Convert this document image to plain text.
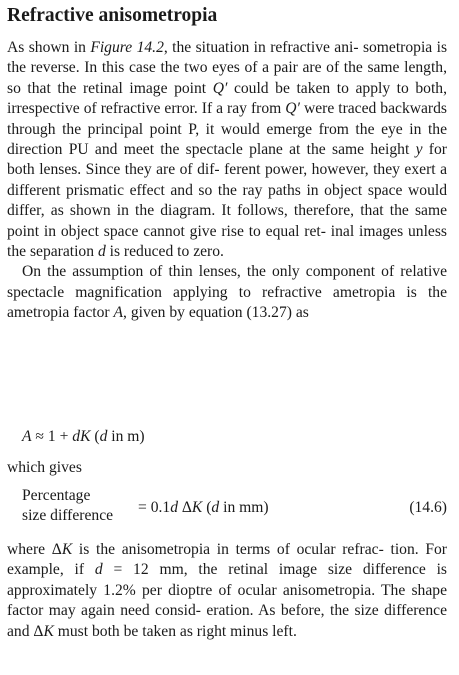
Refractive anisometropia

As shown in Figure 14.2, the situation in refractive ani- sometropia is the reverse. In this case the two eyes of a pair are of the same length, so that the retinal image point Q′ could be taken to apply to both, irrespective of refractive error. If a ray from Q′ were traced backwards through the principal point P, it would emerge from the eye in the direction PU and meet the spectacle plane at the same height y for both lenses. Since they are of dif- ferent power, however, they exert a different prismatic effect and so the ray paths in object space would differ, as shown in the diagram. It follows, therefore, that the same point in object space cannot give rise to equal ret- inal images unless the separation d is reduced to zero.

On the assumption of thin lenses, the only component of relative spectacle magnification applying to refractive ametropia is the ametropia factor A, given by equation (13.27) as

A ≈ 1 + dK (d in m)
which gives
Percentage
size difference = 0.1d ΔK (d in mm)	(14.6)

where ΔK is the anisometropia in terms of ocular refrac- tion. For example, if d = 12 mm, the retinal image size difference is approximately 1.2% per dioptre of ocular anisometropia. The shape factor may again need consid- eration. As before, the size difference and ΔK must both be taken as right minus left.
